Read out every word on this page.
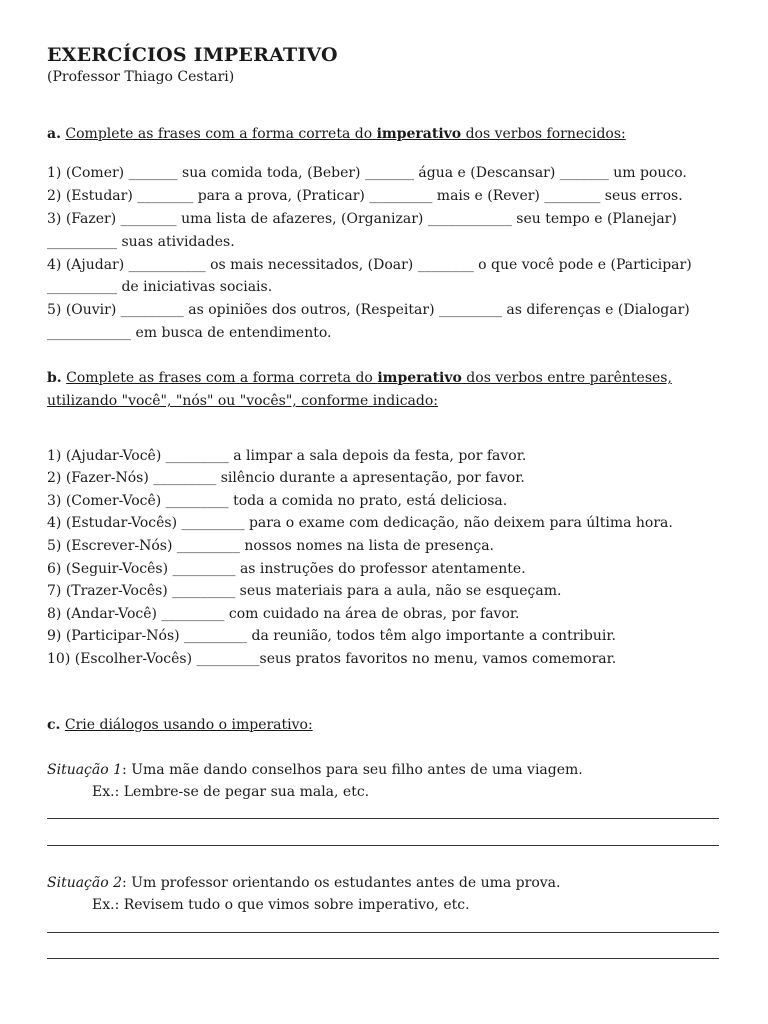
EXERCÍCIOS IMPERATIVO
(Professor Thiago Cestari)
a. Complete as frases com a forma correta do imperativo dos verbos fornecidos:
1) (Comer) _______ sua comida toda, (Beber) _______ água e (Descansar) _______ um pouco.
2) (Estudar) ________ para a prova, (Praticar) _________ mais e (Rever) ________ seus erros.
3) (Fazer) ________ uma lista de afazeres, (Organizar) ____________ seu tempo e (Planejar)
__________ suas atividades.
4) (Ajudar) ___________ os mais necessitados, (Doar) ________ o que você pode e (Participar)
__________ de iniciativas sociais.
5) (Ouvir) _________ as opiniões dos outros, (Respeitar) _________ as diferenças e (Dialogar)
____________ em busca de entendimento.
b. Complete as frases com a forma correta do imperativo dos verbos entre parênteses,
utilizando "você", "nós" ou "vocês", conforme indicado:
1) (Ajudar-Você) _________ a limpar a sala depois da festa, por favor.
2) (Fazer-Nós) _________ silêncio durante a apresentação, por favor.
3) (Comer-Você) _________ toda a comida no prato, está deliciosa.
4) (Estudar-Vocês) _________ para o exame com dedicação, não deixem para última hora.
5) (Escrever-Nós) _________ nossos nomes na lista de presença.
6) (Seguir-Vocês) _________ as instruções do professor atentamente.
7) (Trazer-Vocês) _________ seus materiais para a aula, não se esqueçam.
8) (Andar-Você) _________ com cuidado na área de obras, por favor.
9) (Participar-Nós) _________ da reunião, todos têm algo importante a contribuir.
10) (Escolher-Vocês) _________seus pratos favoritos no menu, vamos comemorar.
c. Crie diálogos usando o imperativo:
Situação 1: Uma mãe dando conselhos para seu filho antes de uma viagem.
Ex.: Lembre-se de pegar sua mala, etc.
Situação 2: Um professor orientando os estudantes antes de uma prova.
Ex.: Revisem tudo o que vimos sobre imperativo, etc.
